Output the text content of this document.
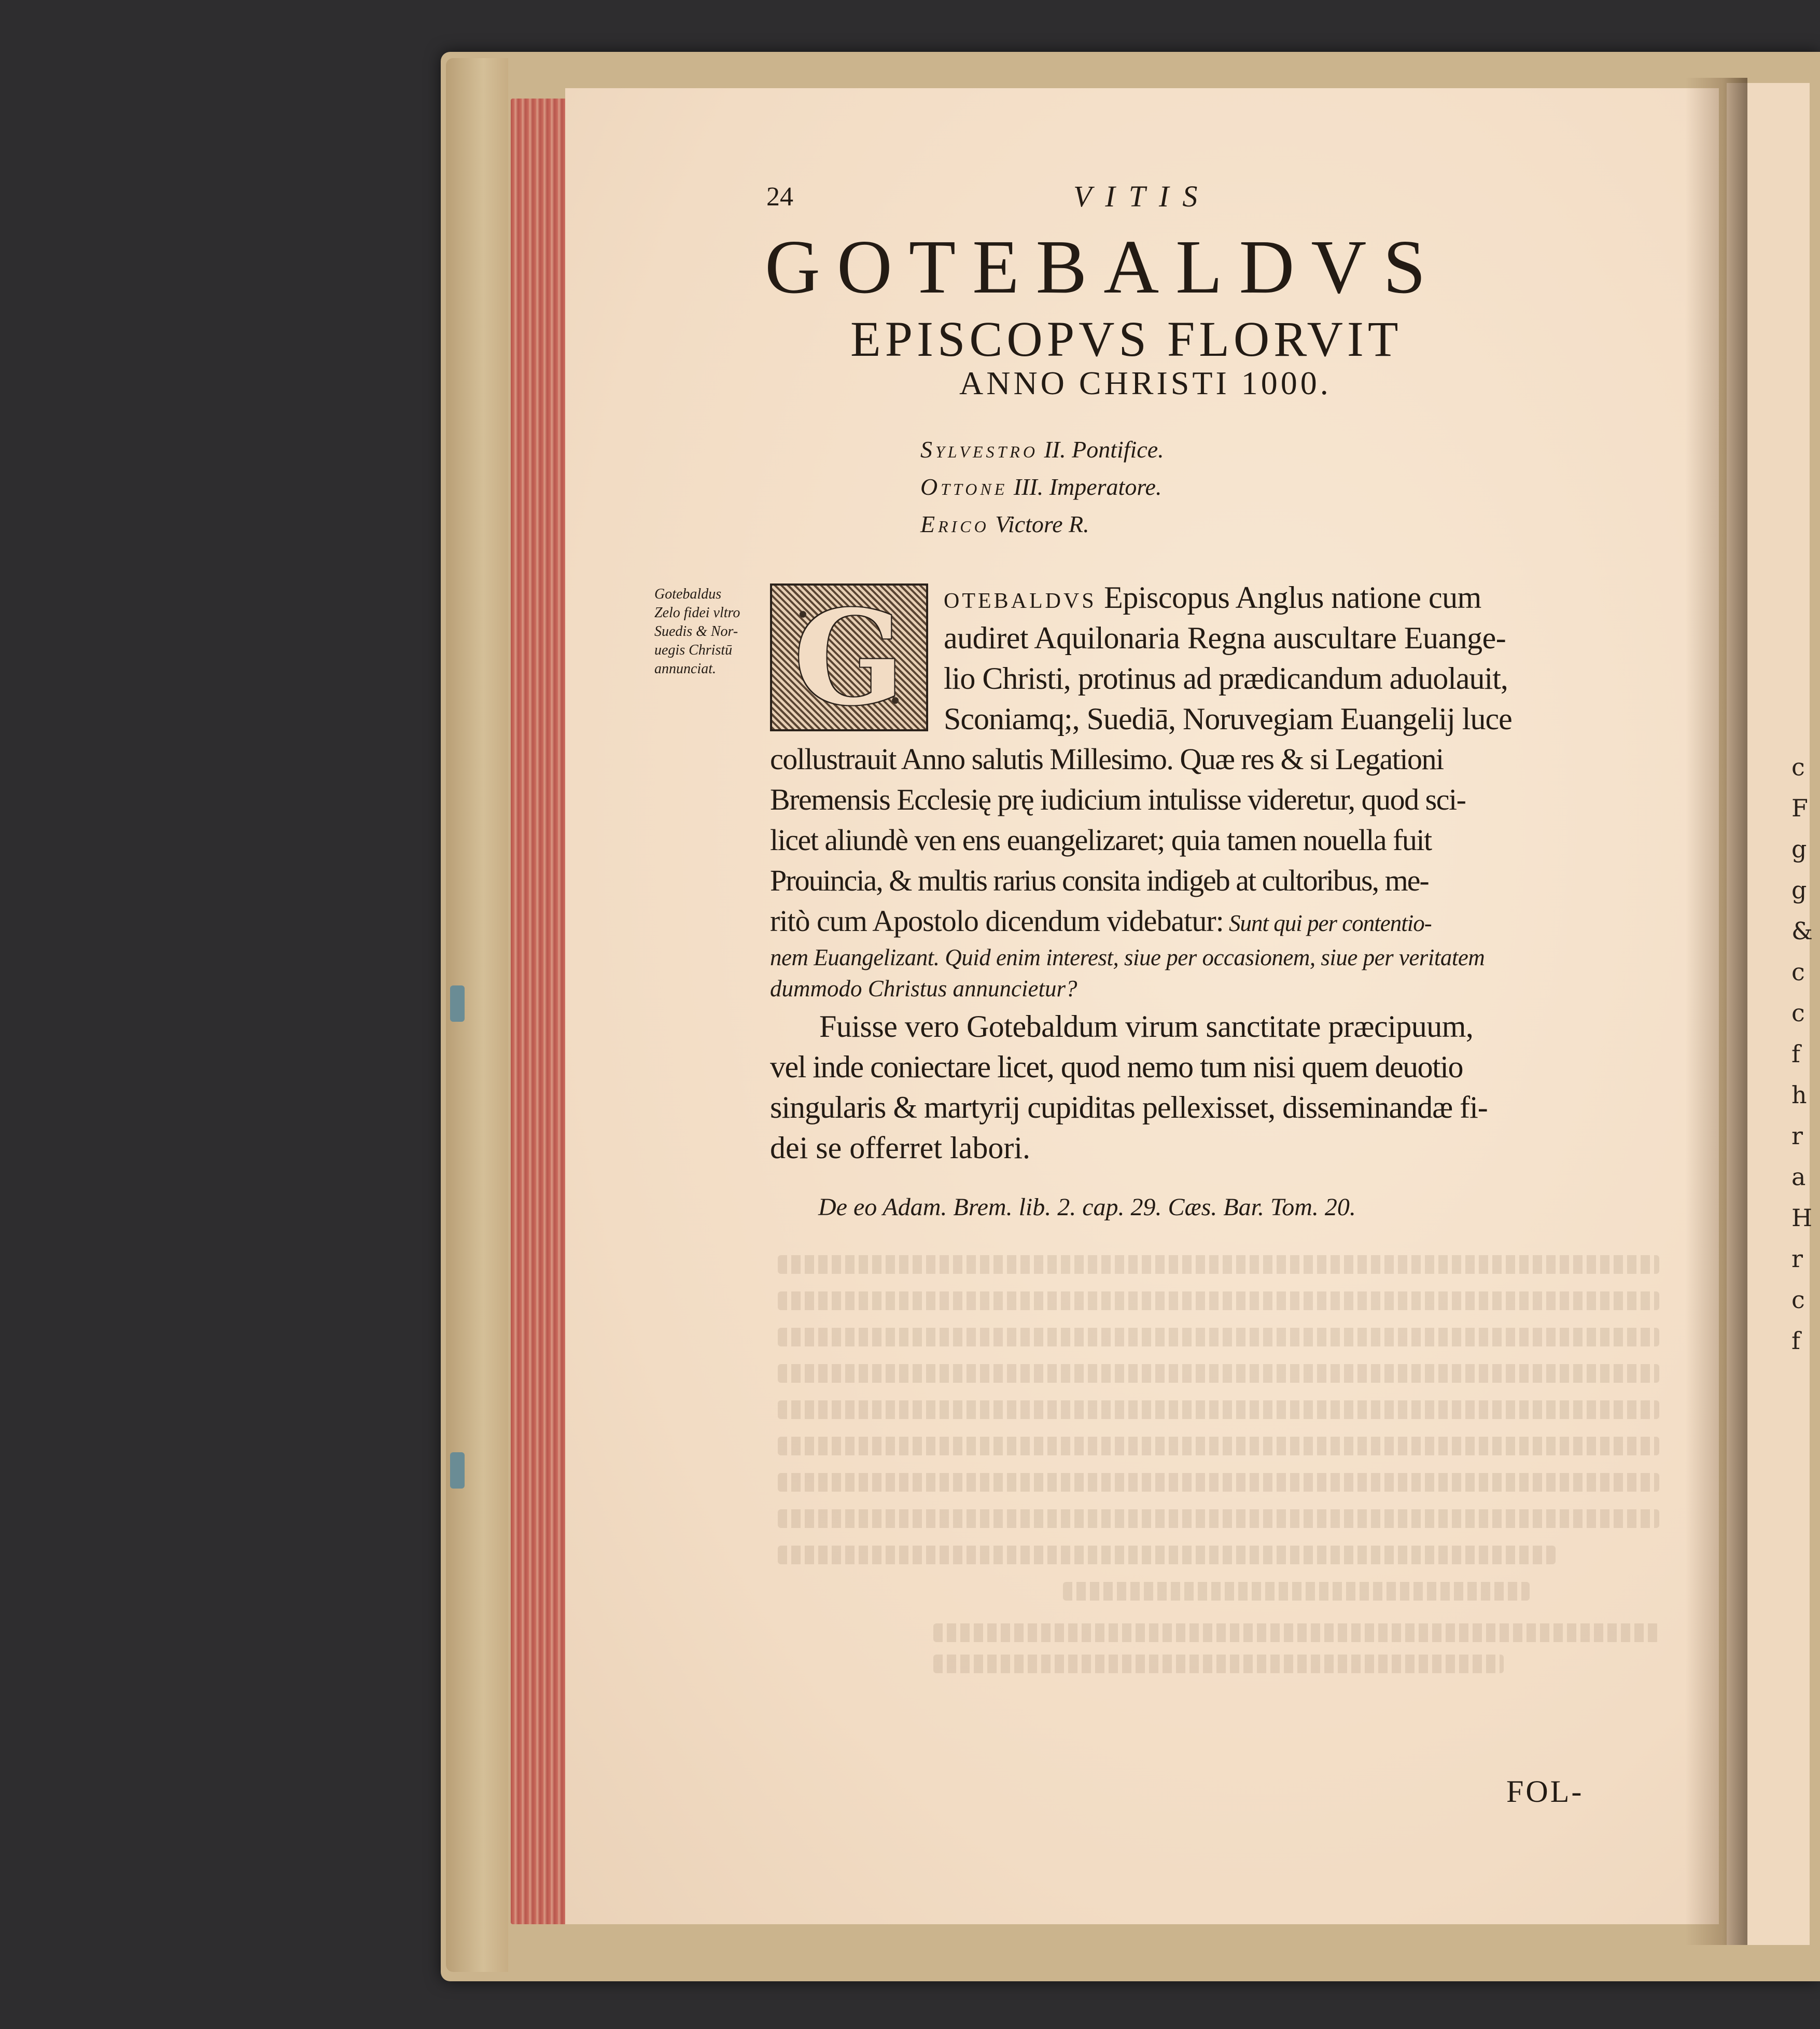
24	VITIS
GOTEBALDVS
EPISCOPVS FLORVIT
ANNO CHRISTI 1000.
Sylvestro II. Pontifice.
Ottone III. Imperatore.
Erico Victore R.
Gotebaldus
Zelo fidei vltro
Suedis & Nor-
uegis Christū
annunciat. G	otebaldvs Episcopus Anglus natione cum
audiret Aquilonaria Regna auscultare Euange-
lio Christi, protinus ad prædicandum aduolauit,
Sconiamq;, Suediā, Noruvegiam Euangelij luce
collustrauit Anno salutis Millesimo. Quæ res & si Legationi
Bremensis Ecclesię prę iudicium intulisse videretur, quod sci-
licet aliundè ven ens euangelizaret; quia tamen nouella fuit
Prouincia, & multis rarius consita indigeb at cultoribus, me-
ritò cum Apostolo dicendum videbatur: Sunt qui per contentio-
nem Euangelizant. Quid enim interest, siue per occasionem, siue per veritatem
dummodo Christus annuncietur?
Fuisse vero Gotebaldum virum sanctitate præcipuum,
vel inde coniectare licet, quod nemo tum nisi quem deuotio
singularis & martyrij cupiditas pellexisset, disseminandæ fi-
dei se offerret labori.
De eo Adam. Brem. lib. 2. cap. 29. Cæs. Bar. Tom. 20.
FOL-
c
F
g
g
&
c
c
f
h
r
a
H
r
c
f
